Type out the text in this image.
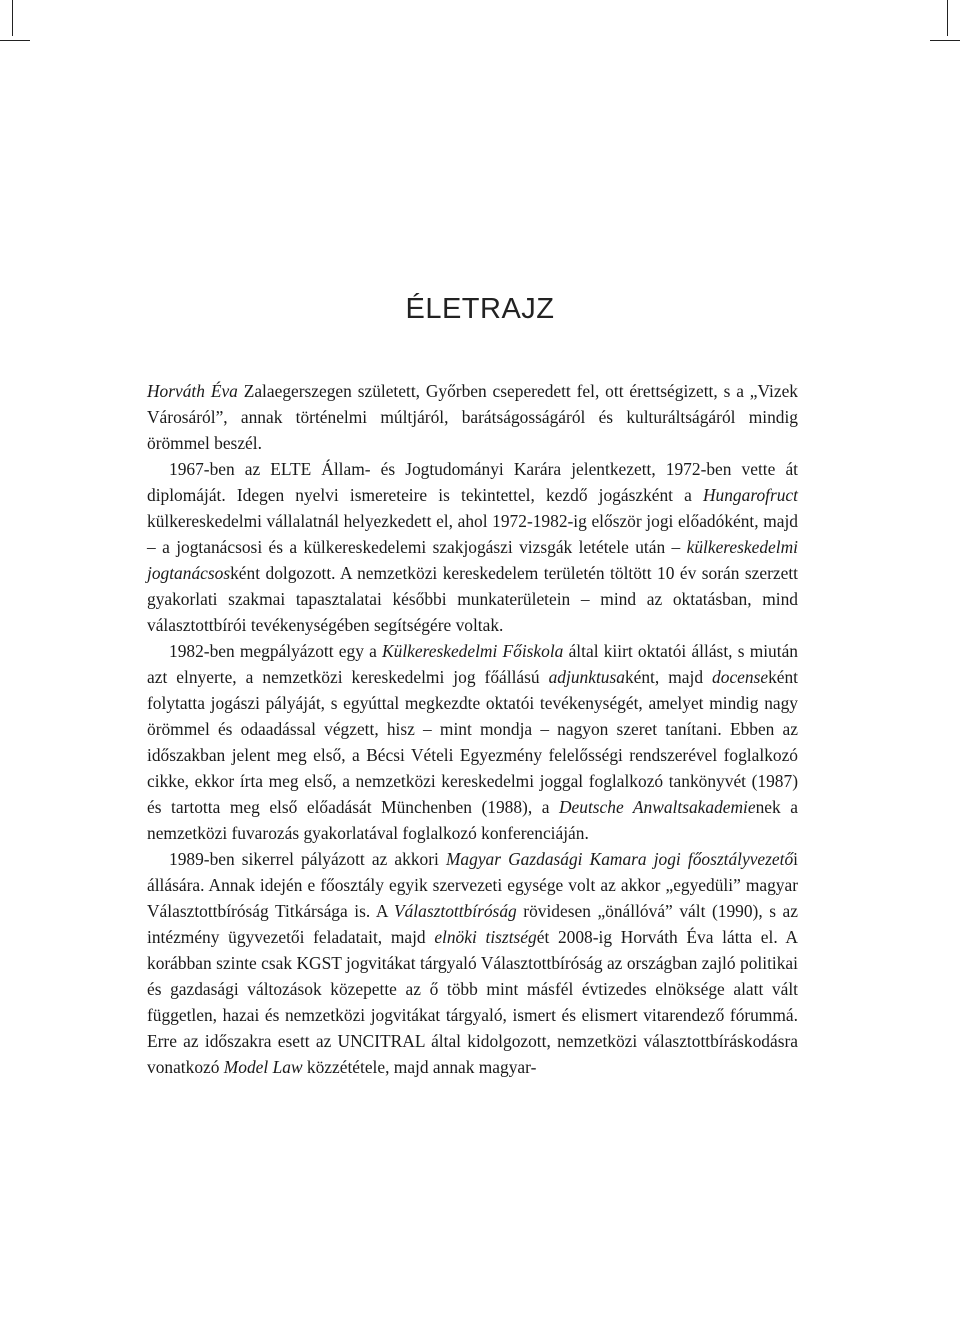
ÉLETRAJZ

Horváth Éva Zalaegerszegen született, Győrben cseperedett fel, ott érettségizett, s a „Vizek Városáról”, annak történelmi múltjáról, barátságosságáról és kulturáltságáról mindig örömmel beszél.

1967-ben az ELTE Állam- és Jogtudományi Karára jelentkezett, 1972-ben vette át diplomáját. Idegen nyelvi ismereteire is tekintettel, kezdő jogászként a Hungarofruct külkereskedelmi vállalatnál helyezkedett el, ahol 1972-1982-ig először jogi előadóként, majd – a jogtanácsosi és a külkereskedelemi szakjogászi vizsgák letétele után – külkereskedelmi jogtanácsosként dolgozott. A nemzetközi kereskedelem területén töltött 10 év során szerzett gyakorlati szakmai tapasztalatai későbbi munkaterületein – mind az oktatásban, mind választottbírói tevékenységében segítségére voltak.

1982-ben megpályázott egy a Külkereskedelmi Főiskola által kiirt oktatói állást, s miután azt elnyerte, a nemzetközi kereskedelmi jog főállású adjunktusaként, majd docenseként folytatta jogászi pályáját, s egyúttal megkezdte oktatói tevékenységét, amelyet mindig nagy örömmel és odaadással végzett, hisz – mint mondja – nagyon szeret tanítani. Ebben az időszakban jelent meg első, a Bécsi Vételi Egyezmény felelősségi rendszerével foglalkozó cikke, ekkor írta meg első, a nemzetközi kereskedelmi joggal foglalkozó tankönyvét (1987) és tartotta meg első előadását Münchenben (1988), a Deutsche Anwaltsakademienek a nemzetközi fuvarozás gyakorlatával foglalkozó konferenciáján.

1989-ben sikerrel pályázott az akkori Magyar Gazdasági Kamara jogi főosztályvezetői állására. Annak idején e főosztály egyik szervezeti egysége volt az akkor „egyedüli” magyar Választottbíróság Titkársága is. A Választottbíróság rövidesen „önállóvá” vált (1990), s az intézmény ügyvezetői feladatait, majd elnöki tisztségét 2008-ig Horváth Éva látta el. A korábban szinte csak KGST jogvitákat tárgyaló Választottbíróság az országban zajló politikai és gazdasági változások közepette az ő több mint másfél évtizedes elnöksége alatt vált független, hazai és nemzetközi jogvitákat tárgyaló, ismert és elismert vitarendező fórummá. Erre az időszakra esett az UNCITRAL által kidolgozott, nemzetközi választottbíráskodásra vonatkozó Model Law közzététele, majd annak magyar-
